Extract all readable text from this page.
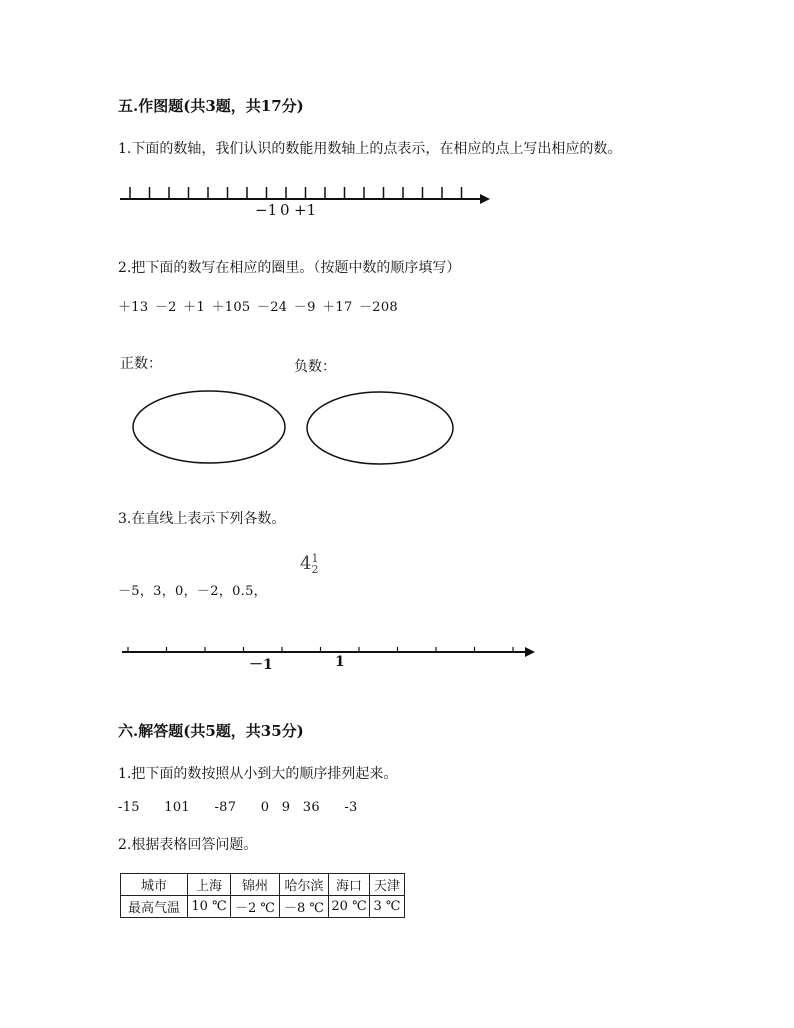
五.作图题(共3题，共17分)
1.下面的数轴，我们认识的数能用数轴上的点表示，在相应的点上写出相应的数。
−1 0 +1
2.把下面的数写在相应的圈里。（按题中数的顺序填写）
＋13 －2 ＋1 ＋105 －24 －9 ＋17 －208
正数：	负数：
3.在直线上表示下列各数。
－5，3，0，－2，0.5，
41
2
－1	1
六.解答题(共5题，共35分)
1.把下面的数按照从小到大的顺序排列起来。
-15 101 -87 0 9 36 -3
2.根据表格回答问题。
城市	上海	锦州	哈尔滨	海口	天津
最高气温	10 ℃	－2 ℃	－8 ℃	20 ℃	3 ℃
